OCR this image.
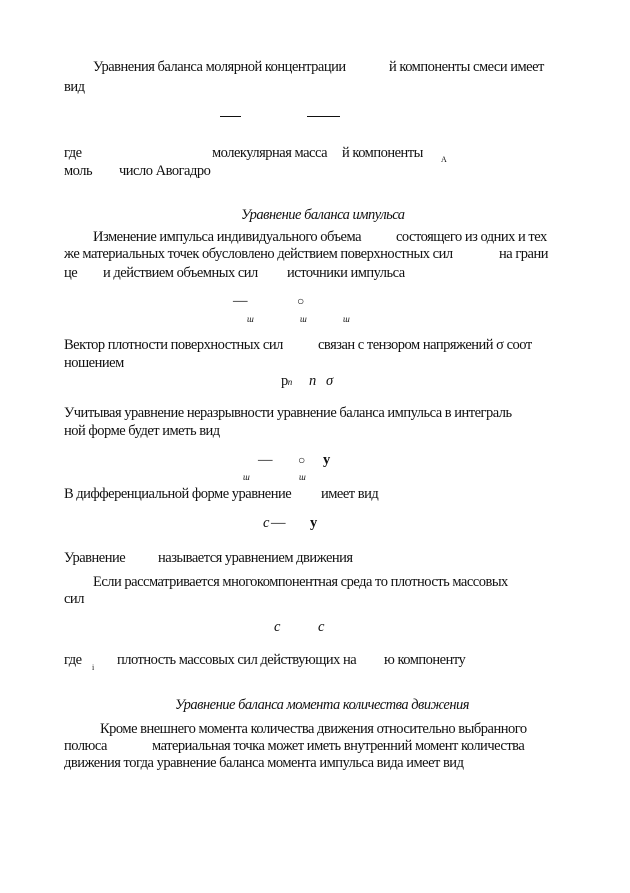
Уравнения баланса молярной концентрации	й компоненты смеси имеет
вид
где	молекулярная масса й компоненты А
моль число Авогадро
Уравнение баланса импульса
Изменение импульса индивидуального объема состоящего из одних и тех
же материальных точек обусловлено действием поверхностных сил	на грани
це и действием объемных сил источники импульса
—	○
ш	ш	ш
Вектор плотности поверхностных сил связан с тензором напряжений σ соот
ношением
pn n σ
Учитывая уравнение неразрывности уравнение баланса импульса в интеграль
ной форме будет иметь вид
— ○ у
ш	ш
В дифференциальной форме уравнение имеет вид
c — у
Уравнение называется уравнением движения
Если рассматривается многокомпонентная среда то плотность массовых
сил
c	c
где i плотность массовых сил действующих на ю компоненту
Уравнение баланса момента количества движения
Кроме внешнего момента количества движения относительно выбранного
полюса	материальная точка может иметь внутренний момент количества
движения тогда уравнение баланса момента импульса вида имеет вид
